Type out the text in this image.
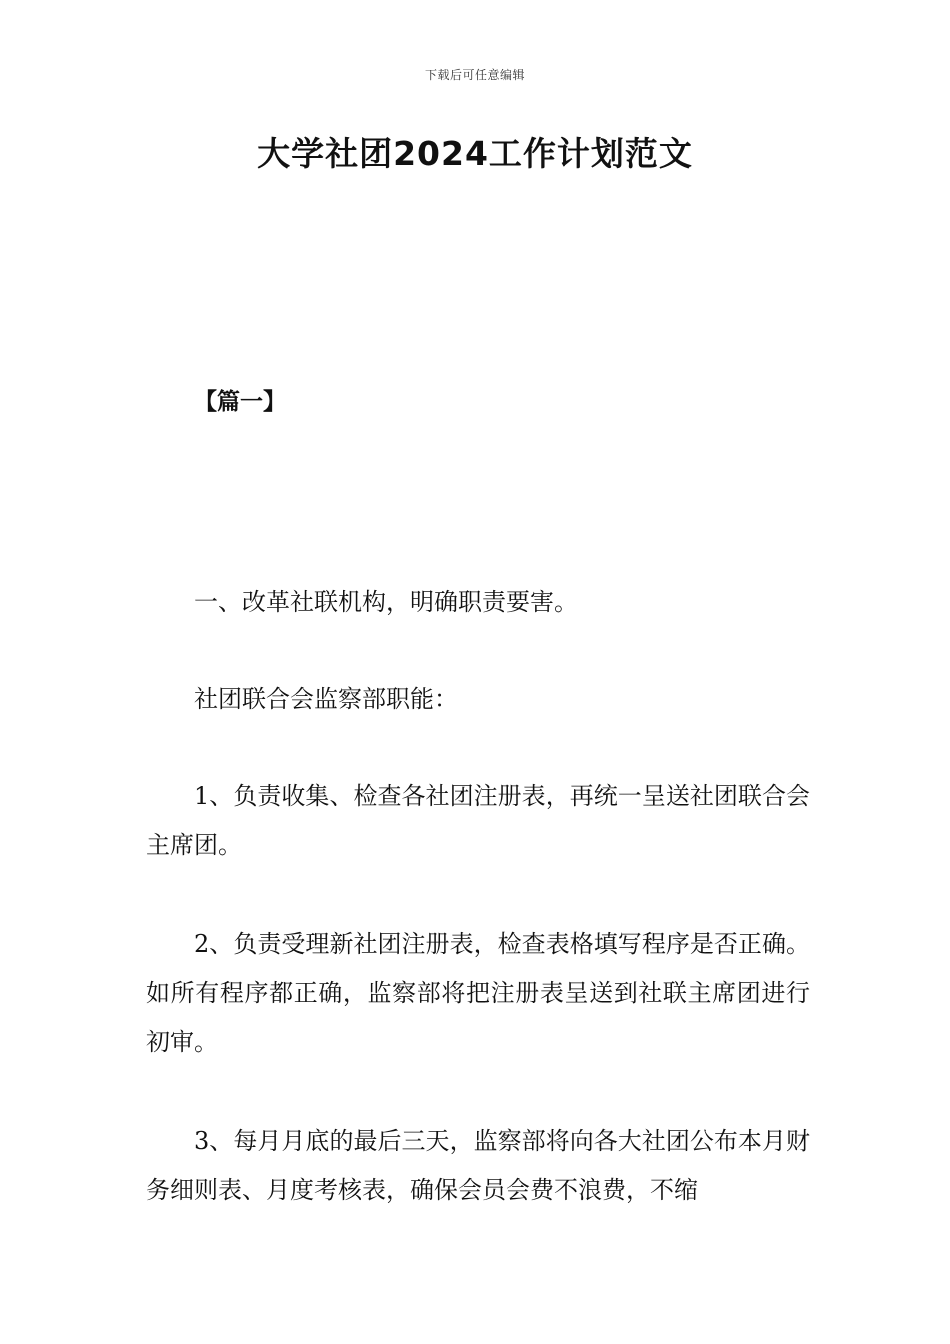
下载后可任意编辑
大学社团2024工作计划范文
【篇一】

一、改革社联机构，明确职责要害。

社团联合会监察部职能：

1、负责收集、检查各社团注册表，再统一呈送社团联合会主席团。

2、负责受理新社团注册表，检查表格填写程序是否正确。如所有程序都正确，监察部将把注册表呈送到社联主席团进行初审。

3、每月月底的最后三天，监察部将向各大社团公布本月财务细则表、月度考核表，确保会员会费不浪费，不缩
